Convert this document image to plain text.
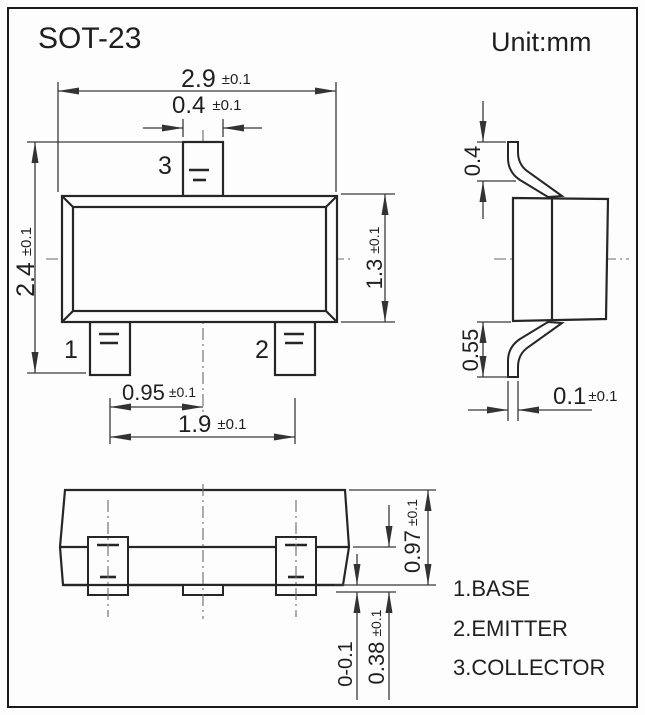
SOT-23	Unit:mm
3
1	2
2.9 ±0.1
0.4 ±0.1
2.4±0.1
1.3±0.1
0.95 ±0.1
1.9 ±0.1
0.4
0.55
0.1 ±0.1
0.97±0.1
0.38±0.1
0-0.1
1.BASE
2.EMITTER
3.COLLECTOR
